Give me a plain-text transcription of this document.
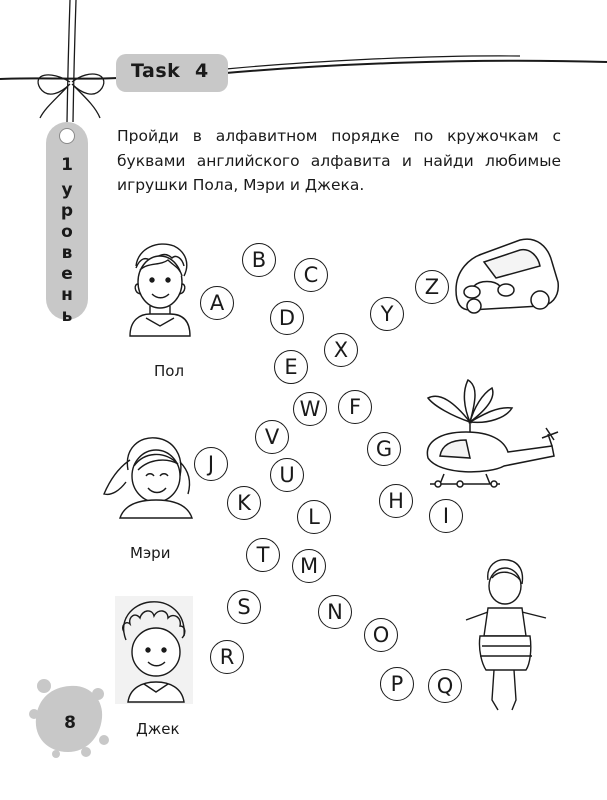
Task 4
1
у
р
о
в
е
н
ь
Пройди в алфавитном порядке по кружочкам с буквами английского алфавита и найди любимые игрушки Пола, Мэри и Джека.
Пол
Мэри
Джек
A
B
C
D
E
F
G
H
I
J
K
L
M
N
O
P	Q
R
S
T
U
V
W
X
Y
Z
8
